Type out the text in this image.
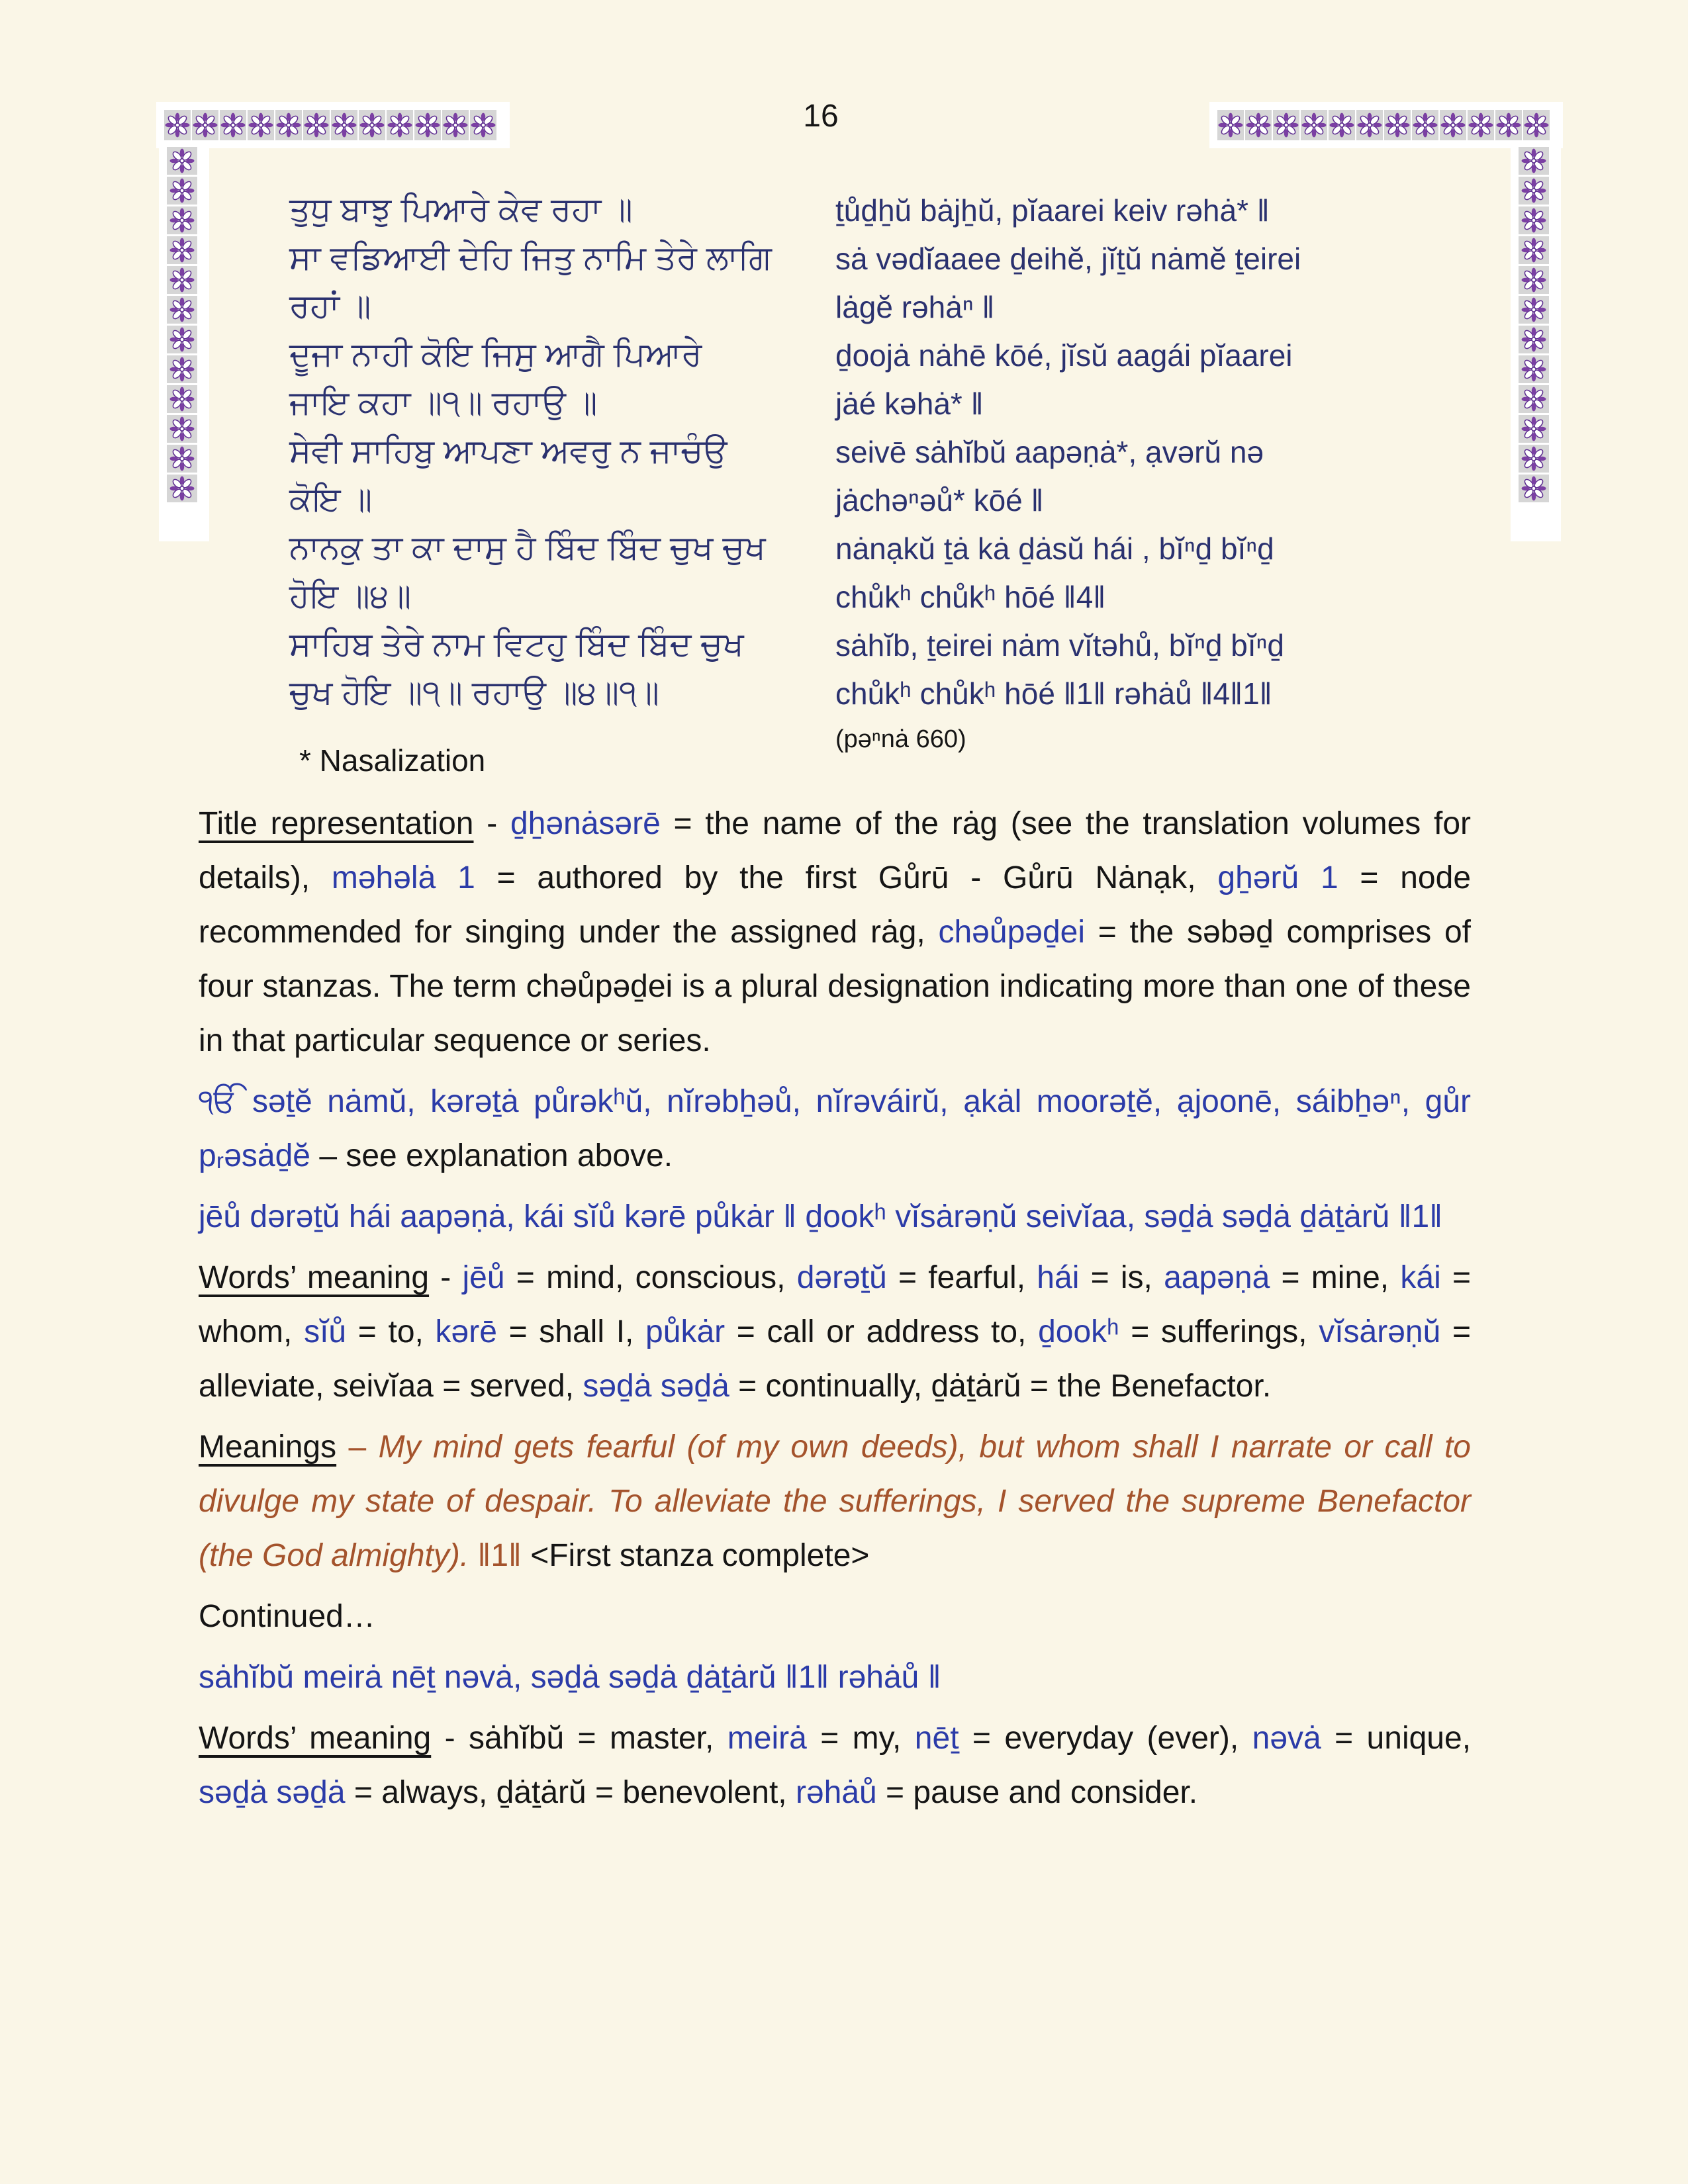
16
ਤੁਧੁ ਬਾਝੁ ਪਿਆਰੇ ਕੇਵ ਰਹਾ ॥
ਸਾ ਵਡਿਆਈ ਦੇਹਿ ਜਿਤੁ ਨਾਮਿ ਤੇਰੇ ਲਾਗਿ
ਰਹਾਂ ॥
ਦੂਜਾ ਨਾਹੀ ਕੋਇ ਜਿਸੁ ਆਗੈ ਪਿਆਰੇ
ਜਾਇ ਕਹਾ ॥੧॥ ਰਹਾਉ ॥
ਸੇਵੀ ਸਾਹਿਬੁ ਆਪਣਾ ਅਵਰੁ ਨ ਜਾਚੰਉ
ਕੋਇ ॥
ਨਾਨਕੁ ਤਾ ਕਾ ਦਾਸੁ ਹੈ ਬਿੰਦ ਬਿੰਦ ਚੁਖ ਚੁਖ
ਹੋਇ ॥੪॥
ਸਾਹਿਬ ਤੇਰੇ ਨਾਮ ਵਿਟਹੁ ਬਿੰਦ ਬਿੰਦ ਚੁਖ
ਚੁਖ ਹੋਇ ॥੧॥ ਰਹਾਉ ॥੪॥੧॥
ṯůḏẖŭ bȧjẖŭ, pĭaarei keiv rəhȧ* ‖
sȧ vədĭaaee ḏeihĕ, jĭṯŭ nȧmĕ ṯeirei
lȧgĕ rəhȧⁿ ‖
ḏoojȧ nȧhē kōé, jĭsŭ aagái pĭaarei
jȧé kəhȧ* ‖
seivē sȧhĭbŭ aapəṇȧ*, ạvərŭ nə
jȧchəⁿəů* kōé ‖
nȧnạkŭ ṯȧ kȧ ḏȧsŭ hái , bĭⁿḏ bĭⁿḏ
chůkʰ chůkʰ hōé ‖4‖
sȧhĭb, ṯeirei nȧm vĭtəhů, bĭⁿḏ bĭⁿḏ
chůkʰ chůkʰ hōé ‖1‖ rəhȧů ‖4‖1‖
(pəⁿnȧ 660)
* Nasalization

Title representation - ḏẖənȧsərē = the name of the rȧg (see the translation volumes for details), məhəlȧ 1 = authored by the first Gůrū - Gůrū Nȧnạk, gẖərŭ 1 = node recommended for singing under the assigned rȧg, chəůpəḏei = the səbəḏ comprises of four stanzas. The term chəůpəḏei is a plural designation indicating more than one of these in that particular sequence or series.

ੴ səṯĕ nȧmŭ, kərəṯȧ půrəkʰŭ, nĭrəbẖəů, nĭrəváirŭ, ạkȧl moorəṯĕ, ạjoonē, sáibẖəⁿ, gůr pᵣəsȧḏĕ – see explanation above.

jēů dərəṯŭ hái aapəṇȧ, kái sĭů kərē půkȧr ‖ ḏookʰ vĭsȧrəṇŭ seivĭaa, səḏȧ səḏȧ ḏȧṯȧrŭ ‖1‖

Words’ meaning - jēů = mind, conscious, dərəṯŭ = fearful, hái = is, aapəṇȧ = mine, kái = whom, sĭů = to, kərē = shall I, půkȧr = call or address to, ḏookʰ = sufferings, vĭsȧrəṇŭ = alleviate, seivĭaa = served, səḏȧ səḏȧ = continually, ḏȧṯȧrŭ = the Benefactor.

Meanings – My mind gets fearful (of my own deeds), but whom shall I narrate or call to divulge my state of despair. To alleviate the sufferings, I served the supreme Benefactor (the God almighty). ‖1‖ <First stanza complete>

Continued…

sȧhĭbŭ meirȧ nēṯ nəvȧ, səḏȧ səḏȧ ḏȧṯȧrŭ ‖1‖ rəhȧů ‖

Words’ meaning - sȧhĭbŭ = master, meirȧ = my, nēṯ = everyday (ever), nəvȧ = unique, səḏȧ səḏȧ = always, ḏȧṯȧrŭ = benevolent, rəhȧů = pause and consider.
